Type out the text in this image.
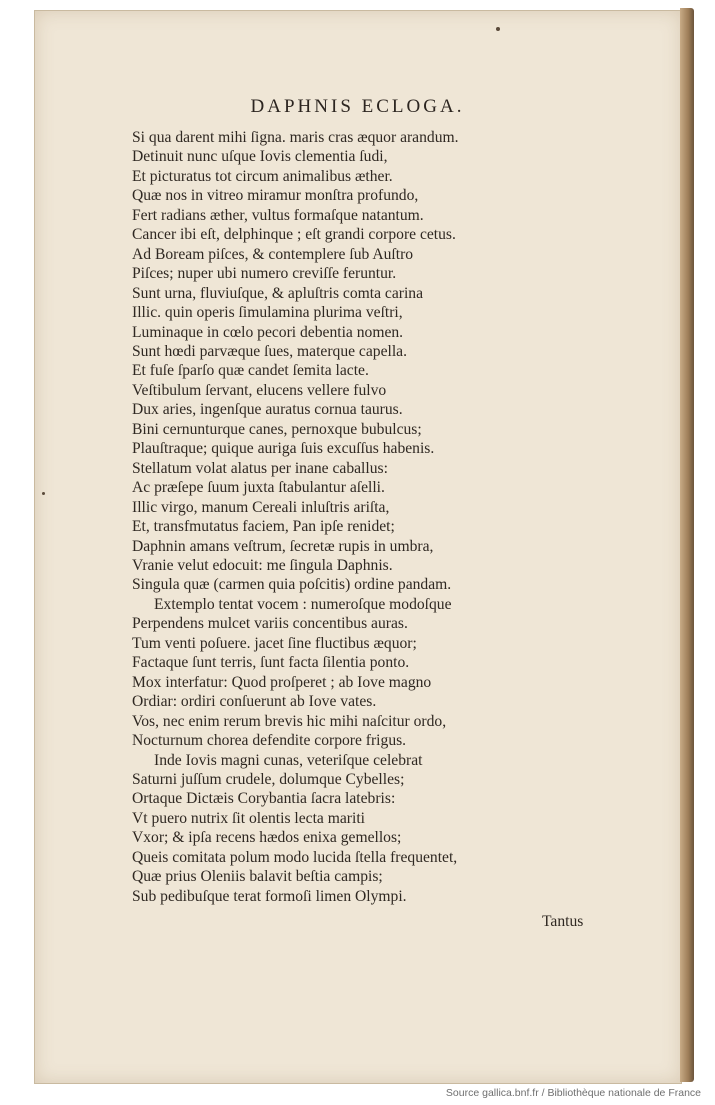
DAPHNIS ECLOGA.
Si qua darent mihi ſigna. maris cras æquor arandum.
Detinuit nunc uſque Iovis clementia ſudi,
Et picturatus tot circum animalibus æther.
Quæ nos in vitreo miramur monſtra profundo,
Fert radians æther, vultus formaſque natantum.
Cancer ibi eſt, delphinque ; eſt grandi corpore cetus.
Ad Boream piſces, & contemplere ſub Auſtro
Piſces; nuper ubi numero creviſſe feruntur.
Sunt urna, fluviuſque, & apluſtris comta carina
Illic. quin operis ſimulamina plurima veſtri,
Luminaque in cœlo pecori debentia nomen.
Sunt hœdi parvæque ſues, materque capella.
Et fuſe ſparſo quæ candet ſemita lacte.
Veſtibulum ſervant, elucens vellere fulvo
Dux aries, ingenſque auratus cornua taurus.
Bini cernunturque canes, pernoxque bubulcus;
Plauſtraque; quique auriga ſuis excuſſus habenis.
Stellatum volat alatus per inane caballus:
Ac præſepe ſuum juxta ſtabulantur aſelli.
Illic virgo, manum Cereali inluſtris ariſta,
Et, transfmutatus faciem, Pan ipſe renidet;
Daphnin amans veſtrum, ſecretæ rupis in umbra,
Vranie velut edocuit: me ſingula Daphnis.
Singula quæ (carmen quia poſcitis) ordine pandam.
Extemplo tentat vocem : numeroſque modoſque
Perpendens mulcet variis concentibus auras.
Tum venti poſuere. jacet ſine fluctibus æquor;
Factaque ſunt terris, ſunt facta ſilentia ponto.
Mox interfatur: Quod proſperet ; ab Iove magno
Ordiar: ordiri conſuerunt ab Iove vates.
Vos, nec enim rerum brevis hic mihi naſcitur ordo,
Nocturnum chorea defendite corpore frigus.
Inde Iovis magni cunas, veteriſque celebrat
Saturni juſſum crudele, dolumque Cybelles;
Ortaque Dictæis Corybantia ſacra latebris:
Vt puero nutrix ſit olentis lecta mariti
Vxor; & ipſa recens hædos enixa gemellos;
Queis comitata polum modo lucida ſtella frequentet,
Quæ prius Oleniis balavit beſtia campis;
Sub pedibuſque terat formoſi limen Olympi.
Tantus
Source gallica.bnf.fr / Bibliothèque nationale de France
